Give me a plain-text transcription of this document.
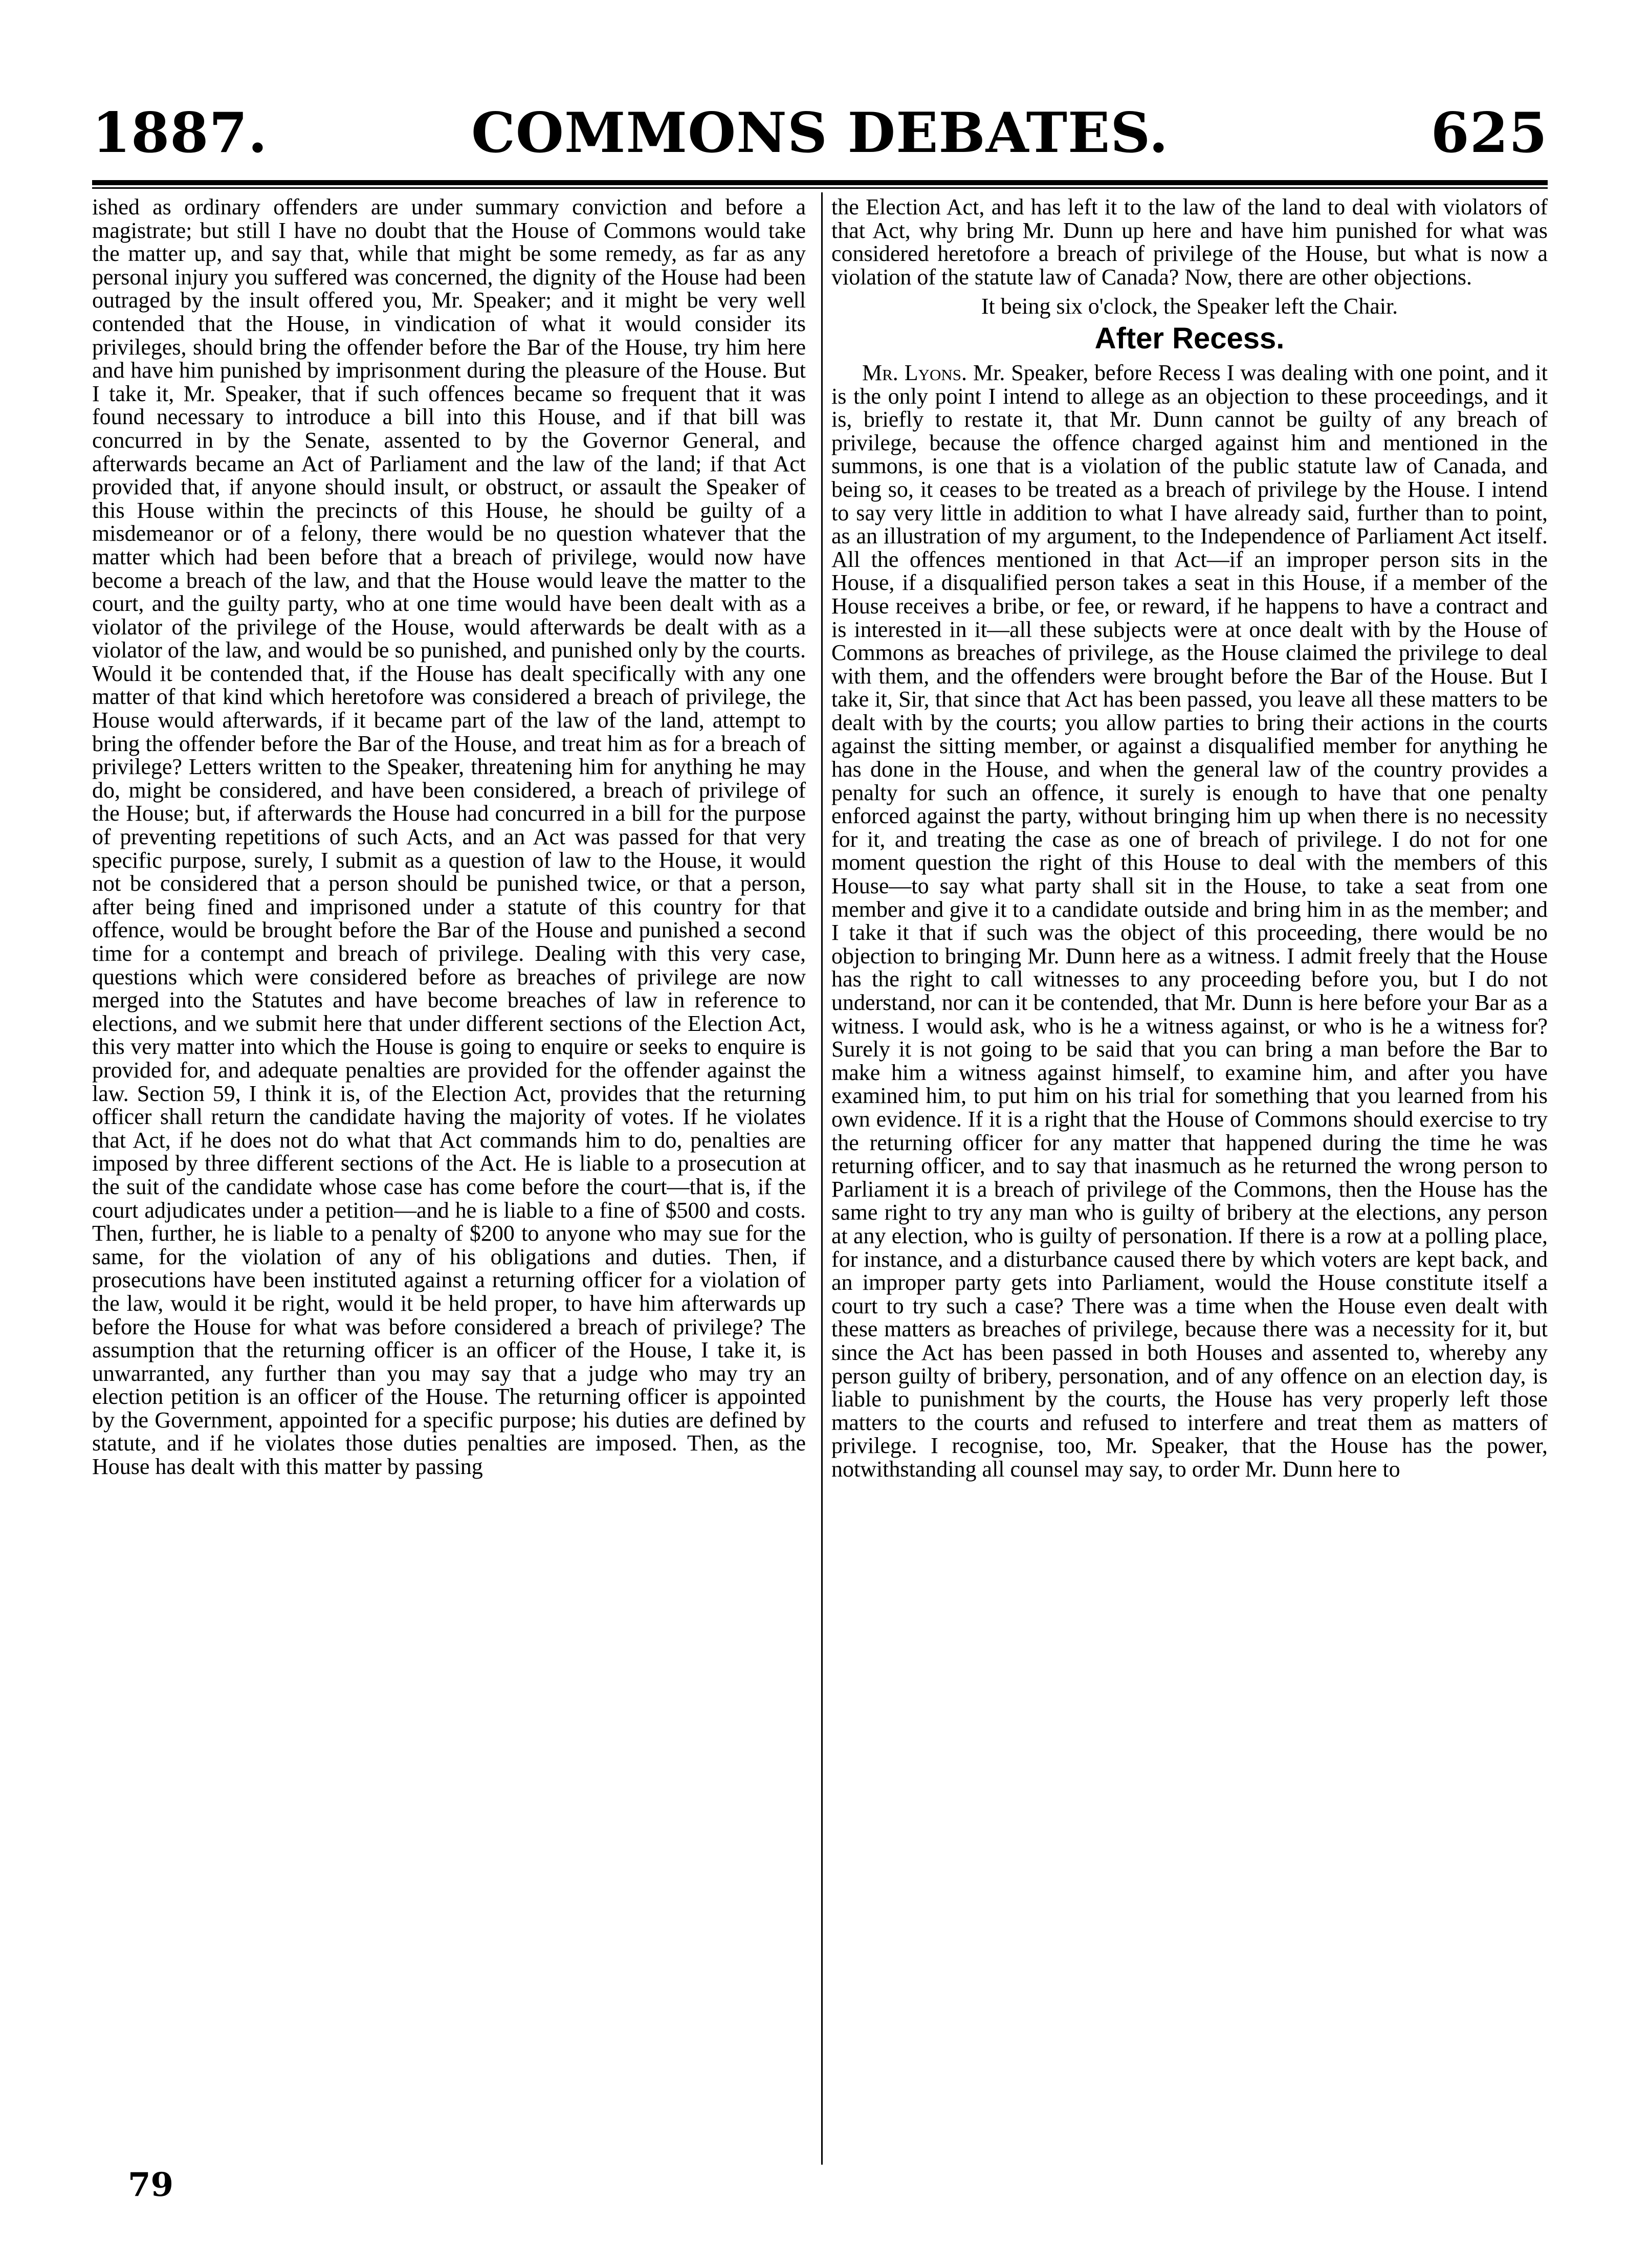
1887.	COMMONS DEBATES.	625

ished as ordinary offenders are under summary conviction and before a magistrate; but still I have no doubt that the House of Commons would take the matter up, and say that, while that might be some remedy, as far as any personal injury you suffered was concerned, the dignity of the House had been outraged by the insult offered you, Mr. Speaker; and it might be very well contended that the House, in vindication of what it would consider its privileges, should bring the offender before the Bar of the House, try him here and have him punished by imprisonment during the pleasure of the House. But I take it, Mr. Speaker, that if such offences became so frequent that it was found necessary to introduce a bill into this House, and if that bill was concurred in by the Senate, assented to by the Governor General, and afterwards became an Act of Parliament and the law of the land; if that Act provided that, if anyone should insult, or obstruct, or assault the Speaker of this House within the precincts of this House, he should be guilty of a misdemeanor or of a felony, there would be no question whatever that the matter which had been before that a breach of privilege, would now have become a breach of the law, and that the House would leave the matter to the court, and the guilty party, who at one time would have been dealt with as a violator of the privilege of the House, would afterwards be dealt with as a violator of the law, and would be so punished, and punished only by the courts. Would it be contended that, if the House has dealt specifically with any one matter of that kind which heretofore was considered a breach of privilege, the House would afterwards, if it became part of the law of the land, attempt to bring the offender before the Bar of the House, and treat him as for a breach of privilege? Letters written to the Speaker, threatening him for anything he may do, might be considered, and have been considered, a breach of privilege of the House; but, if afterwards the House had concurred in a bill for the purpose of preventing repetitions of such Acts, and an Act was passed for that very specific purpose, surely, I submit as a question of law to the House, it would not be considered that a person should be punished twice, or that a person, after being fined and imprisoned under a statute of this country for that offence, would be brought before the Bar of the House and punished a second time for a contempt and breach of privilege. Dealing with this very case, questions which were considered before as breaches of privilege are now merged into the Statutes and have become breaches of law in reference to elections, and we submit here that under different sections of the Election Act, this very matter into which the House is going to enquire or seeks to enquire is provided for, and adequate penalties are provided for the offender against the law. Section 59, I think it is, of the Election Act, provides that the returning officer shall return the candidate having the majority of votes. If he violates that Act, if he does not do what that Act commands him to do, penalties are imposed by three different sections of the Act. He is liable to a prosecution at the suit of the candidate whose case has come before the court—that is, if the court adjudicates under a petition—and he is liable to a fine of $500 and costs. Then, further, he is liable to a penalty of $200 to anyone who may sue for the same, for the violation of any of his obligations and duties. Then, if prosecutions have been instituted against a returning officer for a violation of the law, would it be right, would it be held proper, to have him afterwards up before the House for what was before considered a breach of privilege? The assumption that the returning officer is an officer of the House, I take it, is unwarranted, any further than you may say that a judge who may try an election petition is an officer of the House. The returning officer is appointed by the Government, appointed for a specific purpose; his duties are defined by statute, and if he violates those duties penalties are imposed. Then, as the House has dealt with this matter by passing

the Election Act, and has left it to the law of the land to deal with violators of that Act, why bring Mr. Dunn up here and have him punished for what was considered heretofore a breach of privilege of the House, but what is now a violation of the statute law of Canada? Now, there are other objections.

It being six o'clock, the Speaker left the Chair.

After Recess.

Mr. Lyons. Mr. Speaker, before Recess I was dealing with one point, and it is the only point I intend to allege as an objection to these proceedings, and it is, briefly to restate it, that Mr. Dunn cannot be guilty of any breach of privilege, because the offence charged against him and mentioned in the summons, is one that is a violation of the public statute law of Canada, and being so, it ceases to be treated as a breach of privilege by the House. I intend to say very little in addition to what I have already said, further than to point, as an illustration of my argument, to the Independence of Parliament Act itself. All the offences mentioned in that Act—if an improper person sits in the House, if a disqualified person takes a seat in this House, if a member of the House receives a bribe, or fee, or reward, if he happens to have a contract and is interested in it—all these subjects were at once dealt with by the House of Commons as breaches of privilege, as the House claimed the privilege to deal with them, and the offenders were brought before the Bar of the House. But I take it, Sir, that since that Act has been passed, you leave all these matters to be dealt with by the courts; you allow parties to bring their actions in the courts against the sitting member, or against a disqualified member for anything he has done in the House, and when the general law of the country provides a penalty for such an offence, it surely is enough to have that one penalty enforced against the party, without bringing him up when there is no necessity for it, and treating the case as one of breach of privilege. I do not for one moment question the right of this House to deal with the members of this House—to say what party shall sit in the House, to take a seat from one member and give it to a candidate outside and bring him in as the member; and I take it that if such was the object of this proceeding, there would be no objection to bringing Mr. Dunn here as a witness. I admit freely that the House has the right to call witnesses to any proceeding before you, but I do not understand, nor can it be contended, that Mr. Dunn is here before your Bar as a witness. I would ask, who is he a witness against, or who is he a witness for? Surely it is not going to be said that you can bring a man before the Bar to make him a witness against himself, to examine him, and after you have examined him, to put him on his trial for something that you learned from his own evidence. If it is a right that the House of Commons should exercise to try the returning officer for any matter that happened during the time he was returning officer, and to say that inasmuch as he returned the wrong person to Parliament it is a breach of privilege of the Commons, then the House has the same right to try any man who is guilty of bribery at the elections, any person at any election, who is guilty of personation. If there is a row at a polling place, for instance, and a disturbance caused there by which voters are kept back, and an improper party gets into Parliament, would the House constitute itself a court to try such a case? There was a time when the House even dealt with these matters as breaches of privilege, because there was a necessity for it, but since the Act has been passed in both Houses and assented to, whereby any person guilty of bribery, personation, and of any offence on an election day, is liable to punishment by the courts, the House has very properly left those matters to the courts and refused to interfere and treat them as matters of privilege. I recognise, too, Mr. Speaker, that the House has the power, notwithstanding all counsel may say, to order Mr. Dunn here to

79
